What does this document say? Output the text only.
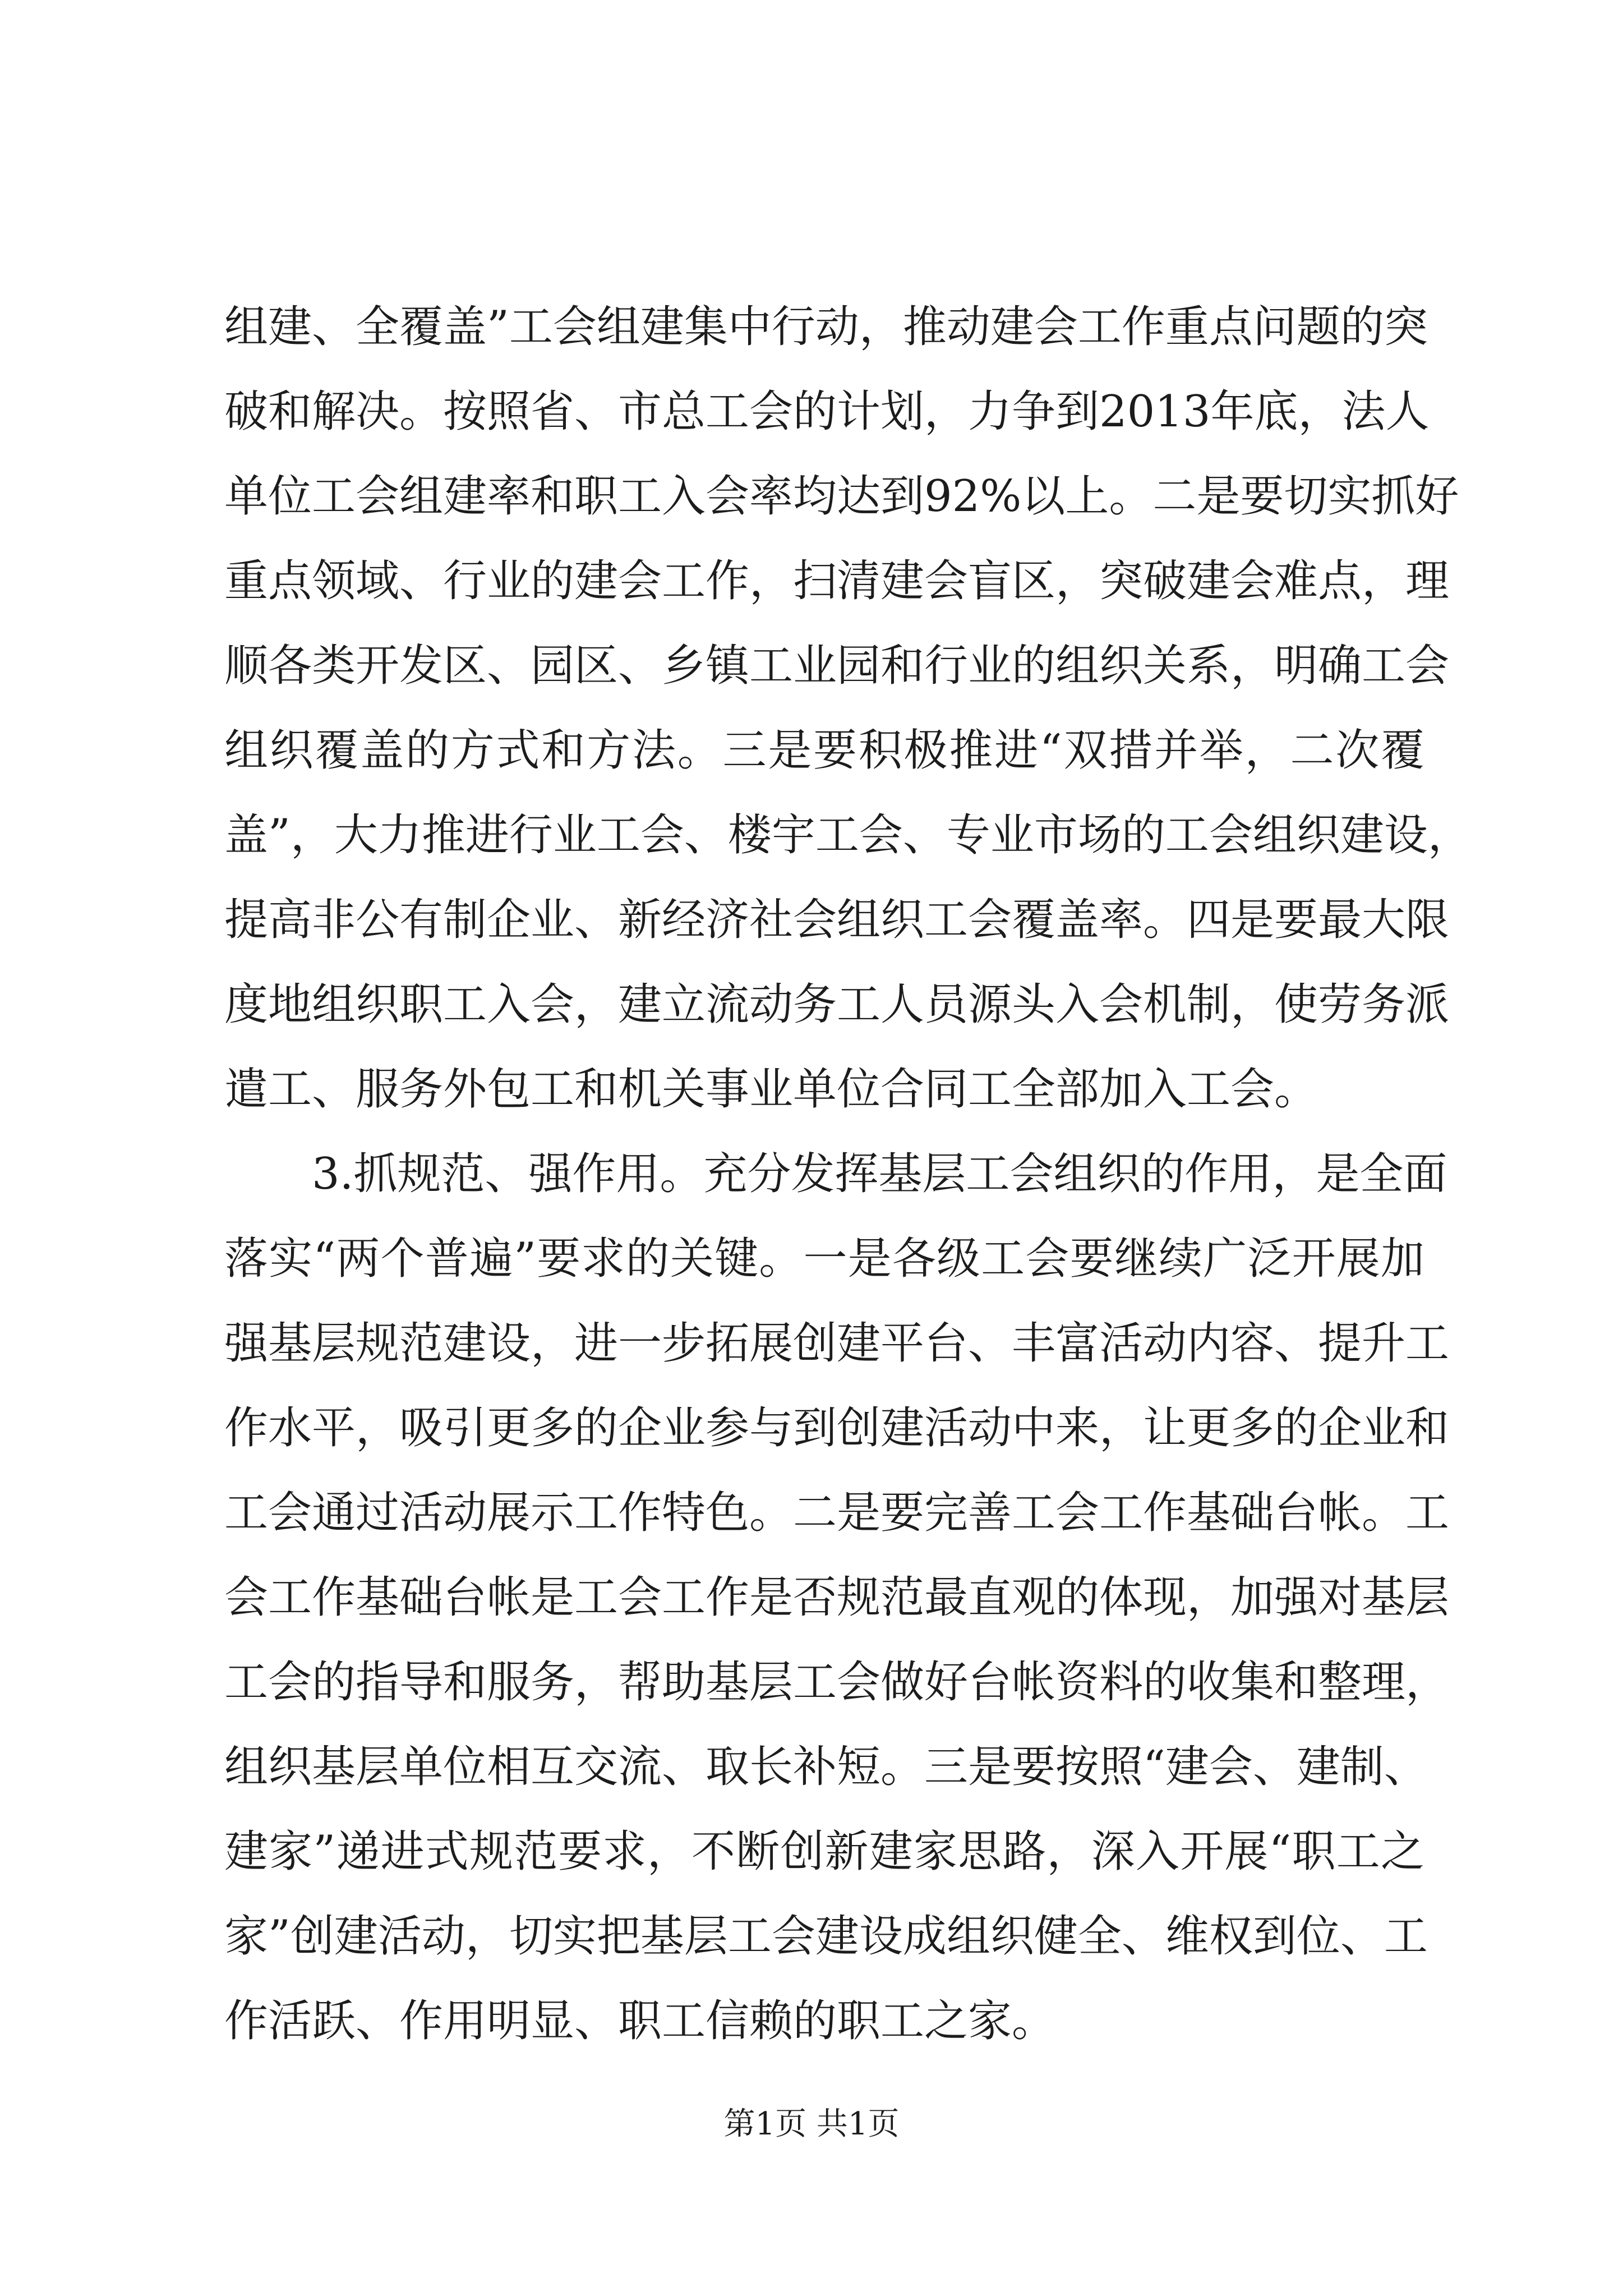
组建、全覆盖”工会组建集中行动，推动建会工作重点问题的突
破和解决。按照省、市总工会的计划，力争到2013年底，法人
单位工会组建率和职工入会率均达到92%以上。二是要切实抓好
重点领域、行业的建会工作，扫清建会盲区，突破建会难点，理
顺各类开发区、园区、乡镇工业园和行业的组织关系，明确工会
组织覆盖的方式和方法。三是要积极推进“双措并举，二次覆
盖”，大力推进行业工会、楼宇工会、专业市场的工会组织建设，
提高非公有制企业、新经济社会组织工会覆盖率。四是要最大限
度地组织职工入会，建立流动务工人员源头入会机制，使劳务派
遣工、服务外包工和机关事业单位合同工全部加入工会。
3.抓规范、强作用。充分发挥基层工会组织的作用，是全面
落实“两个普遍”要求的关键。一是各级工会要继续广泛开展加
强基层规范建设，进一步拓展创建平台、丰富活动内容、提升工
作水平，吸引更多的企业参与到创建活动中来，让更多的企业和
工会通过活动展示工作特色。二是要完善工会工作基础台帐。工
会工作基础台帐是工会工作是否规范最直观的体现，加强对基层
工会的指导和服务，帮助基层工会做好台帐资料的收集和整理，
组织基层单位相互交流、取长补短。三是要按照“建会、建制、
建家”递进式规范要求，不断创新建家思路，深入开展“职工之
家”创建活动，切实把基层工会建设成组织健全、维权到位、工
作活跃、作用明显、职工信赖的职工之家。
第1页 共1页
